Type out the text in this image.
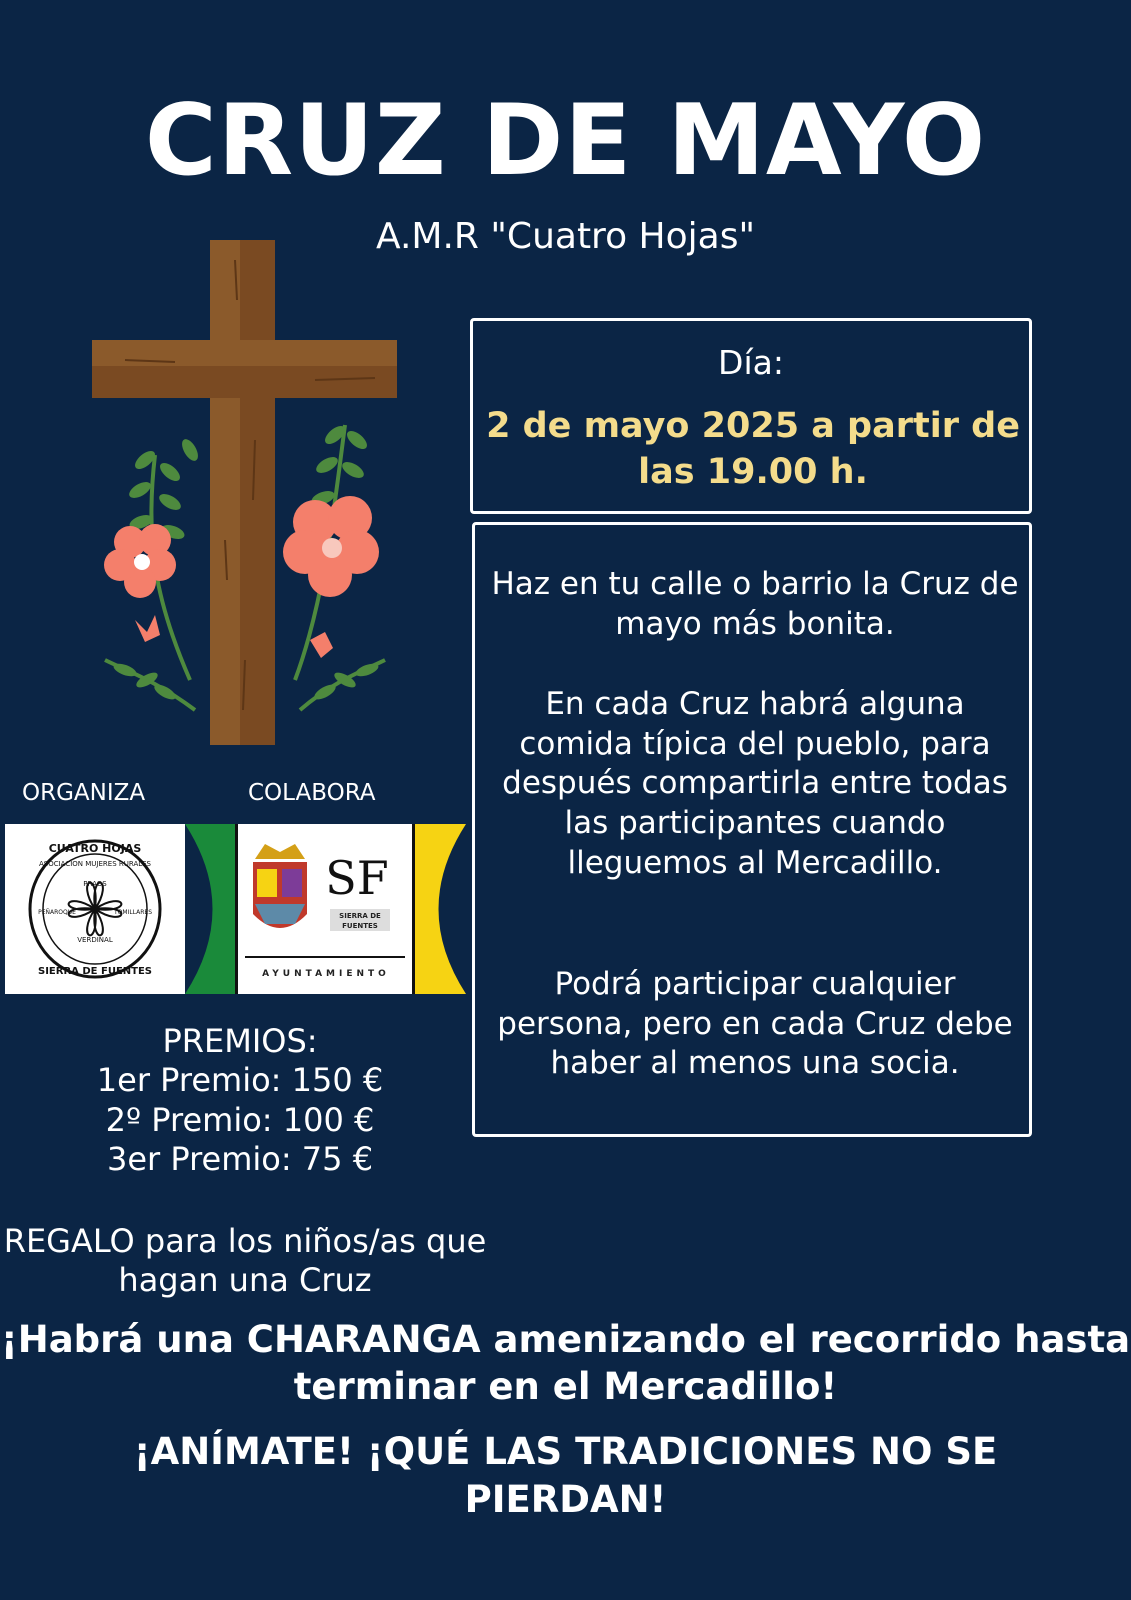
CRUZ DE MAYO
A.M.R "Cuatro Hojas"
Día:
2 de mayo 2025 a partir de las 19.00 h.
Haz en tu calle o barrio la Cruz de mayo más bonita.
En cada Cruz habrá alguna comida típica del pueblo, para después compartirla entre todas las participantes cuando lleguemos al Mercadillo.
Podrá participar cualquier persona, pero en cada Cruz debe haber al menos una socia.
ORGANIZA	COLABORA
CUATRO HOJAS
ASOCIACION MUJERES RURALES
SIERRA DE FUENTES
PRAOS
TOMILLARES
VERDINAL
PEÑAROQUE
SF
SIERRA DE
FUENTES
AYUNTAMIENTO
PREMIOS:
1er Premio: 150 €
2º Premio: 100 €
3er Premio: 75 €
REGALO para los niños/as que hagan una Cruz
¡Habrá una CHARANGA amenizando el recorrido hasta terminar en el Mercadillo!
¡ANÍMATE! ¡QUÉ LAS TRADICIONES NO SE PIERDAN!
